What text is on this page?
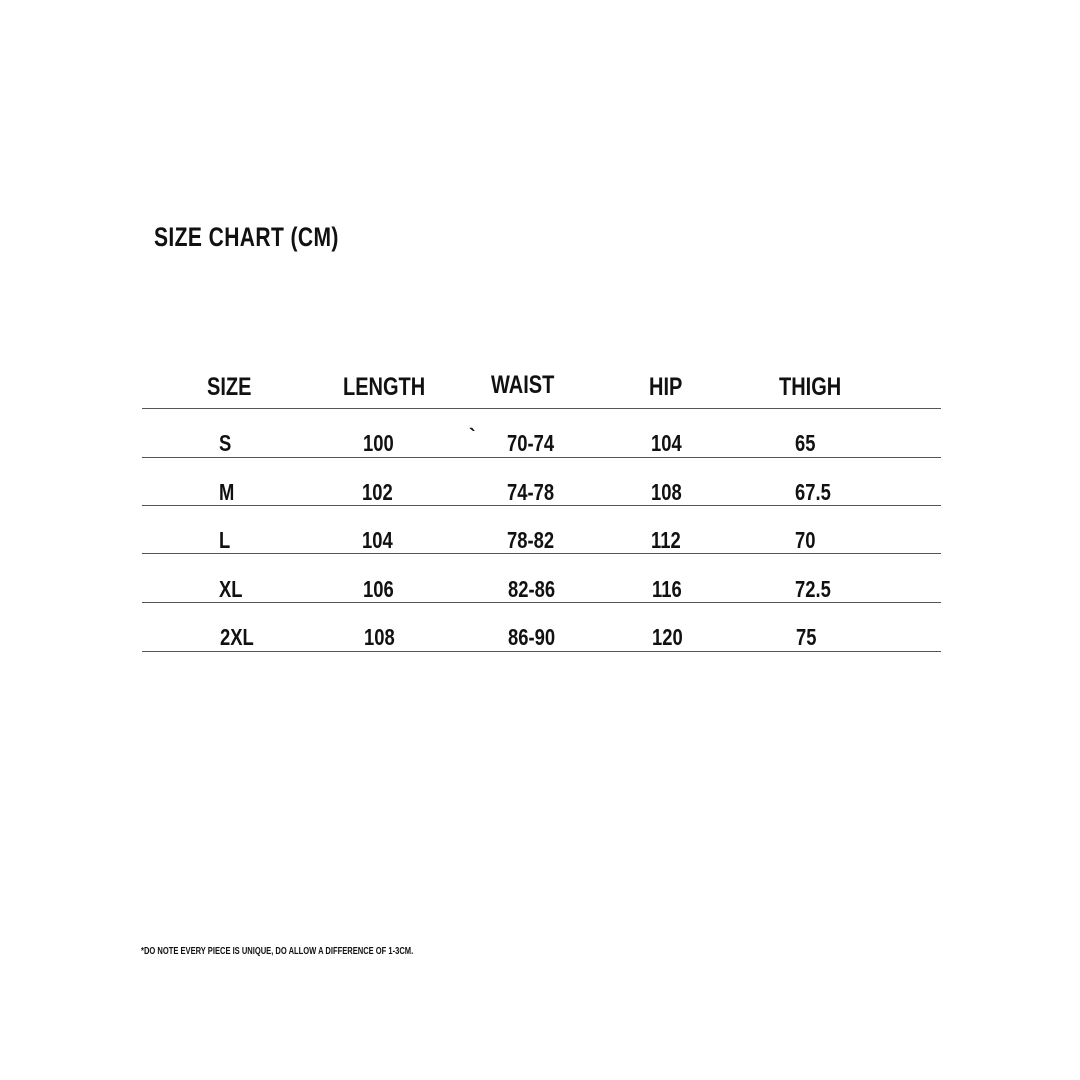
SIZE CHART (CM)
SIZE	LENGTH	WAIST	HIP	THIGH
S	100	` 70-74	104	65
M	102	74-78	108	67.5
L	104	78-82	112	70
XL	106	82-86	116	72.5
2XL	108	86-90	120	75
*DO NOTE EVERY PIECE IS UNIQUE, DO ALLOW A DIFFERENCE OF 1-3CM.
